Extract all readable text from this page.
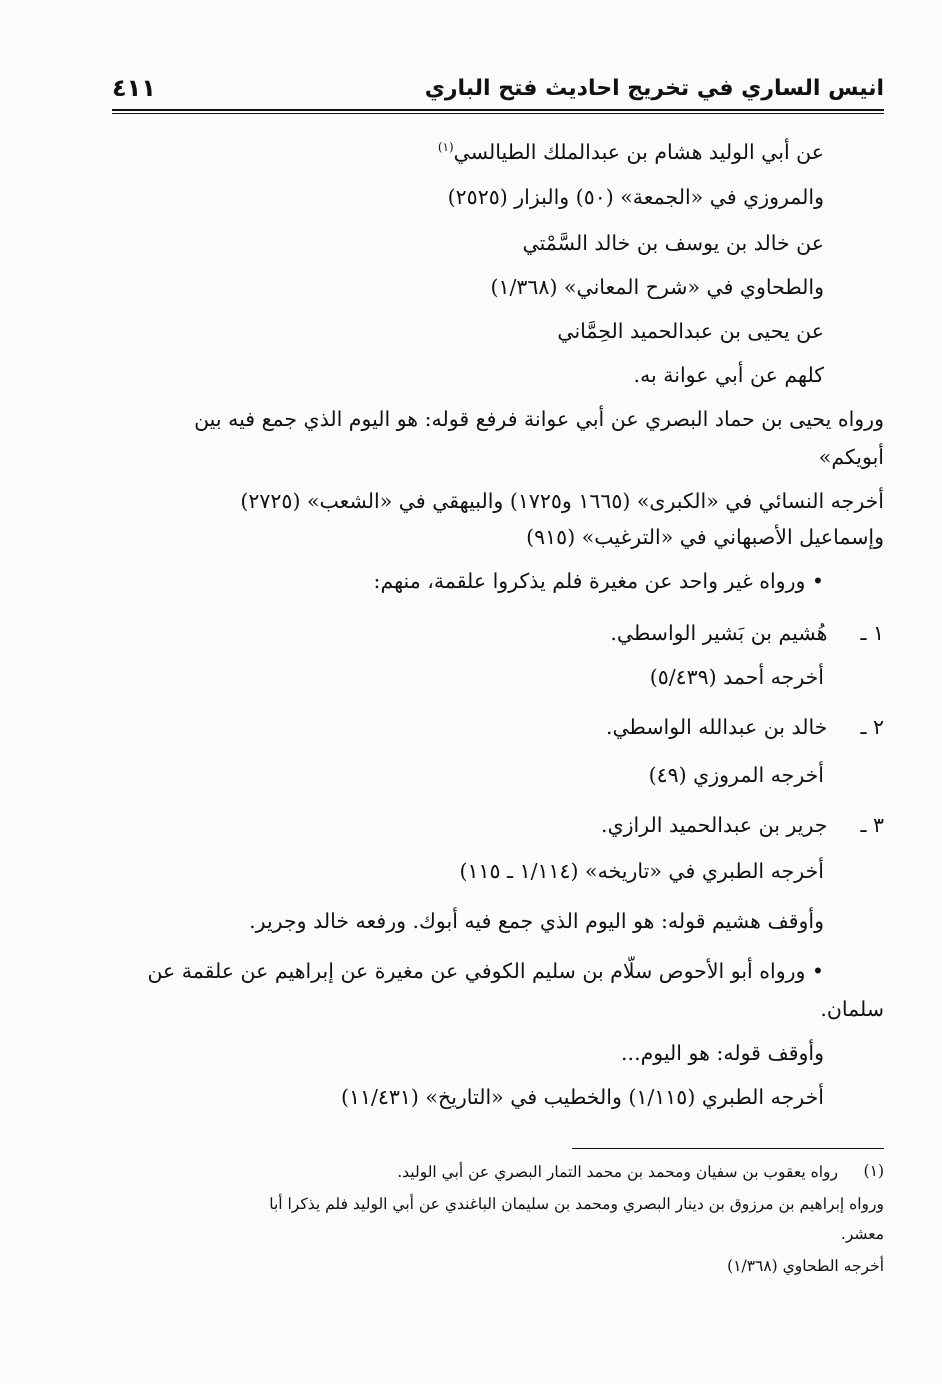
انيس الساري في تخريج احاديث فتح الباري
٤١١
عن أبي الوليد هشام بن عبدالملك الطيالسي$^{(١)}$
والمروزي في «الجمعة» (٥٠) والبزار (٢٥٢٥)
عن خالد بن يوسف بن خالد السَّمْتي
والطحاوي في «شرح المعاني» (١/٣٦٨)
عن يحيى بن عبدالحميد الحِمَّاني
كلهم عن أبي عوانة به.
ورواه يحيى بن حماد البصري عن أبي عوانة فرفع قوله: هو اليوم الذي جمع فيه بين
أبويكم»
أخرجه النسائي في «الكبرى» (١٦٦٥ و١٧٢٥) والبيهقي في «الشعب» (٢٧٢٥)
وإسماعيل الأصبهاني في «الترغيب» (٩١٥)
• ورواه غير واحد عن مغيرة فلم يذكروا علقمة، منهم:
١ ـ هُشيم بن بَشير الواسطي.
أخرجه أحمد (٥/٤٣٩)
٢ ـ خالد بن عبدالله الواسطي.
أخرجه المروزي (٤٩)
٣ ـ جرير بن عبدالحميد الرازي.
أخرجه الطبري في «تاريخه» (١/١١٤ ـ ١١٥)
وأوقف هشيم قوله: هو اليوم الذي جمع فيه أبوك. ورفعه خالد وجرير.
• ورواه أبو الأحوص سلّام بن سليم الكوفي عن مغيرة عن إبراهيم عن علقمة عن
سلمان.
وأوقف قوله: هو اليوم...
أخرجه الطبري (١/١١٥) والخطيب في «التاريخ» (١١/٤٣١)
(١)
رواه يعقوب بن سفيان ومحمد بن محمد التمار البصري عن أبي الوليد.
ورواه إبراهيم بن مرزوق بن دينار البصري ومحمد بن سليمان الباغندي عن أبي الوليد فلم يذكرا أبا
معشر.
أخرجه الطحاوي (١/٣٦٨)
